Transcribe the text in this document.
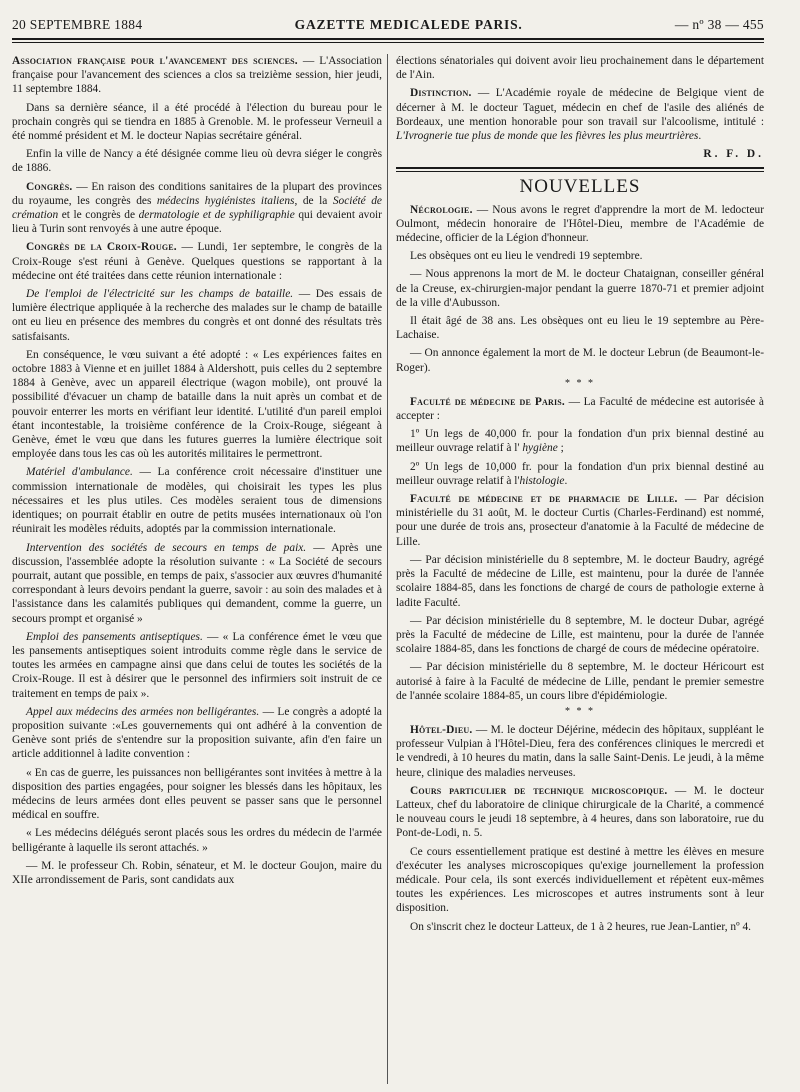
20 SEPTEMBRE 1884	GAZETTE MEDICALEDE PARIS.	— nº 38 — 455

Association française pour l'avancement des sciences. — L'Association française pour l'avancement des sciences a clos sa treizième session, hier jeudi, 11 septembre 1884.

Dans sa dernière séance, il a été procédé à l'élection du bureau pour le prochain congrès qui se tiendra en 1885 à Grenoble. M. le professeur Verneuil a été nommé président et M. le docteur Napias secrétaire général.

Enfin la ville de Nancy a été désignée comme lieu où devra siéger le congrès de 1886.

Congrès. — En raison des conditions sanitaires de la plupart des provinces du royaume, les congrès des médecins hygiénistes italiens, de la Société de crémation et le congrès de dermatologie et de syphiligraphie qui devaient avoir lieu à Turin sont renvoyés à une autre époque.

Congrès de la Croix-Rouge. — Lundi, 1er septembre, le congrès de la Croix-Rouge s'est réuni à Genève. Quelques questions se rapportant à la médecine ont été traitées dans cette réunion internationale :

De l'emploi de l'électricité sur les champs de bataille. — Des essais de lumière électrique appliquée à la recherche des malades sur le champ de bataille ont eu lieu en présence des membres du congrès et ont donné des résultats très satisfaisants.

En conséquence, le vœu suivant a été adopté : « Les expériences faites en octobre 1883 à Vienne et en juillet 1884 à Aldershott, puis celles du 2 septembre 1884 à Genève, avec un appareil électrique (wagon mobile), ont prouvé la possibilité d'évacuer un champ de bataille dans la nuit après un combat et de pouvoir enterrer les morts en vérifiant leur identité. L'utilité d'un pareil emploi étant incontestable, la troisième conférence de la Croix-Rouge, siégeant à Genève, émet le vœu que dans les futures guerres la lumière électrique soit employée dans tous les cas où les autorités militaires le permettront.

Matériel d'ambulance. — La conférence croit nécessaire d'instituer une commission internationale de modèles, qui choisirait les types les plus nécessaires et les plus utiles. Ces modèles seraient tous de dimensions identiques; on pourrait établir en outre de petits musées internationaux où l'on réunirait les modèles réduits, adoptés par la commission internationale.

Intervention des sociétés de secours en temps de paix. — Après une discussion, l'assemblée adopte la résolution suivante : « La Société de secours pourrait, autant que possible, en temps de paix, s'associer aux œuvres d'humanité correspondant à leurs devoirs pendant la guerre, savoir : au soin des malades et à l'assistance dans les calamités publiques qui demandent, comme la guerre, un secours prompt et organisé »

Emploi des pansements antiseptiques. — « La conférence émet le vœu que les pansements antiseptiques soient introduits comme règle dans le service de toutes les armées en campagne ainsi que dans celui de toutes les sociétés de la Croix-Rouge. Il est à désirer que le personnel des infirmiers soit instruit de ce traitement en temps de paix ».

Appel aux médecins des armées non belligérantes. — Le congrès a adopté la proposition suivante :«Les gouvernements qui ont adhéré à la convention de Genève sont priés de s'entendre sur la proposition suivante, afin d'en faire un article additionnel à ladite convention :

« En cas de guerre, les puissances non belligérantes sont invitées à mettre à la disposition des parties engagées, pour soigner les blessés dans les hôpitaux, les médecins de leurs armées dont elles peuvent se passer sans que le personnel médical en souffre.

« Les médecins délégués seront placés sous les ordres du médecin de l'armée belligérante à laquelle ils seront attachés. »

— M. le professeur Ch. Robin, sénateur, et M. le docteur Goujon, maire du XIIe arrondissement de Paris, sont candidats aux

élections sénatoriales qui doivent avoir lieu prochainement dans le département de l'Ain.

Distinction. — L'Académie royale de médecine de Belgique vient de décerner à M. le docteur Taguet, médecin en chef de l'asile des aliénés de Bordeaux, une mention honorable pour son travail sur l'alcoolisme, intitulé : L'Ivrognerie tue plus de monde que les fièvres les plus meurtrières.

R. F. D.

NOUVELLES

Nécrologie. — Nous avons le regret d'apprendre la mort de M. ledocteur Oulmont, médecin honoraire de l'Hôtel-Dieu, membre de l'Académie de médecine, officier de la Légion d'honneur.

Les obsèques ont eu lieu le vendredi 19 septembre.

— Nous apprenons la mort de M. le docteur Chataignan, conseiller général de la Creuse, ex-chirurgien-major pendant la guerre 1870-71 et premier adjoint de la ville d'Aubusson.

Il était âgé de 38 ans. Les obsèques ont eu lieu le 19 septembre au Père-Lachaise.

— On annonce également la mort de M. le docteur Lebrun (de Beaumont-le-Roger).

* * *

Faculté de médecine de Paris. — La Faculté de médecine est autorisée à accepter :

1º Un legs de 40,000 fr. pour la fondation d'un prix biennal destiné au meilleur ouvrage relatif à l' hygiène ;

2º Un legs de 10,000 fr. pour la fondation d'un prix biennal destiné au meilleur ouvrage relatif à l'histologie.

Faculté de médecine et de pharmacie de Lille. — Par décision ministérielle du 31 août, M. le docteur Curtis (Charles-Ferdinand) est nommé, pour une durée de trois ans, prosecteur d'anatomie à la Faculté de médecine de Lille.

— Par décision ministérielle du 8 septembre, M. le docteur Baudry, agrégé près la Faculté de médecine de Lille, est maintenu, pour la durée de l'année scolaire 1884-85, dans les fonctions de chargé de cours de pathologie externe à ladite Faculté.

— Par décision ministérielle du 8 septembre, M. le docteur Dubar, agrégé près la Faculté de médecine de Lille, est maintenu, pour la durée de l'année scolaire 1884-85, dans les fonctions de chargé de cours de médecine opératoire.

— Par décision ministérielle du 8 septembre, M. le docteur Héricourt est autorisé à faire à la Faculté de médecine de Lille, pendant le premier semestre de l'année scolaire 1884-85, un cours libre d'épidémiologie.

* * *

Hôtel-Dieu. — M. le docteur Déjérine, médecin des hôpitaux, suppléant le professeur Vulpian à l'Hôtel-Dieu, fera des conférences cliniques le mercredi et le vendredi, à 10 heures du matin, dans la salle Saint-Denis. Le jeudi, à la même heure, clinique des maladies nerveuses.

Cours particulier de technique microscopique. — M. le docteur Latteux, chef du laboratoire de clinique chirurgicale de la Charité, a commencé le nouveau cours le jeudi 18 septembre, à 4 heures, dans son laboratoire, rue du Pont-de-Lodi, n. 5.

Ce cours essentiellement pratique est destiné à mettre les élèves en mesure d'exécuter les analyses microscopiques qu'exige journellement la profession médicale. Pour cela, ils sont exercés individuellement et répètent eux-mêmes toutes les expériences. Les microscopes et autres instruments sont à leur disposition.

On s'inscrit chez le docteur Latteux, de 1 à 2 heures, rue Jean-Lantier, nº 4.
